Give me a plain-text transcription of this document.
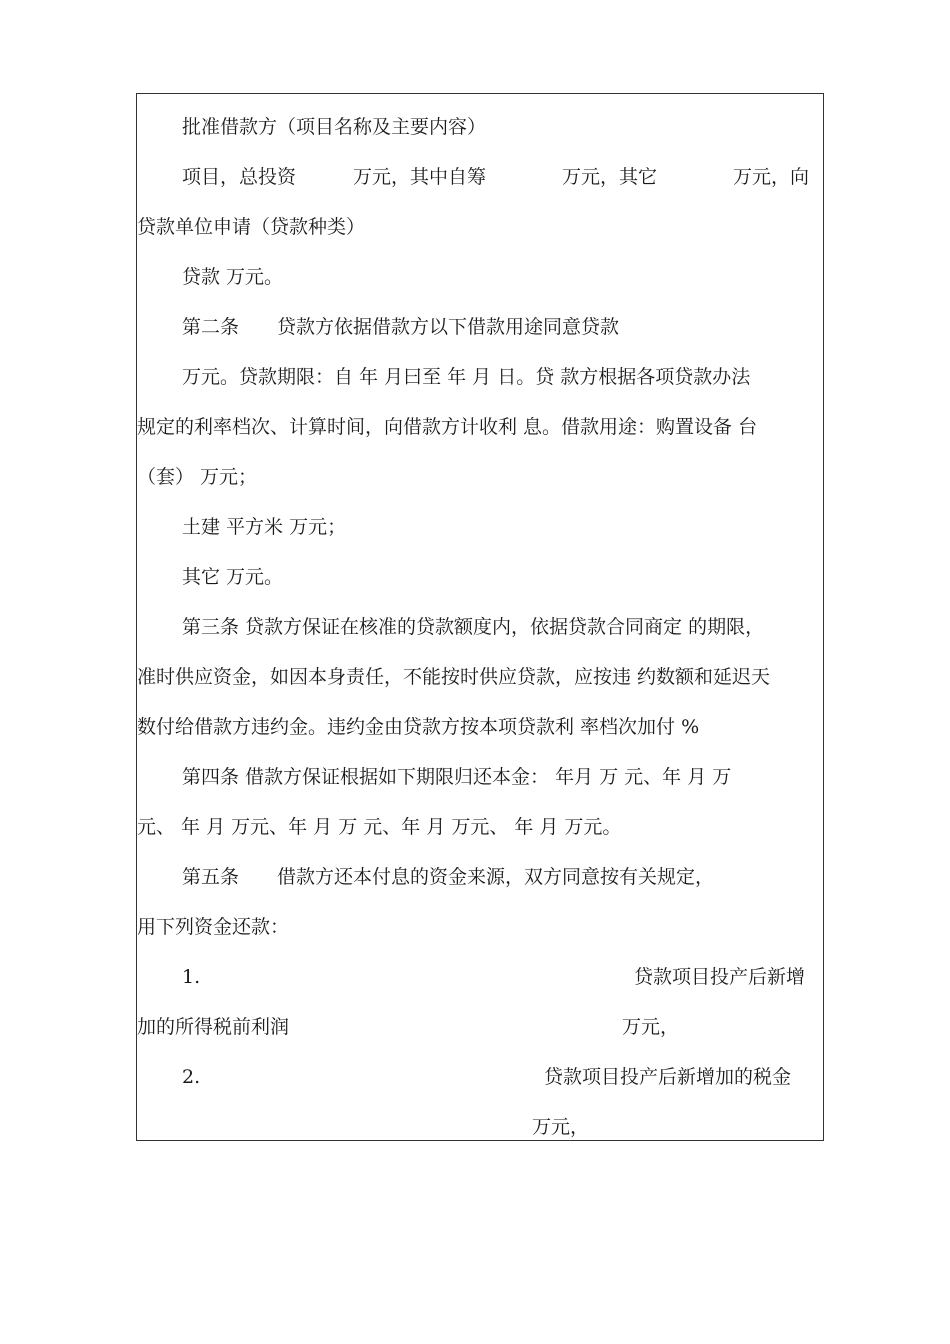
批准借款方（项目名称及主要内容）
项目，总投资　　　万元，其中自筹　　　　万元，其它　　　　万元，向
贷款单位申请（贷款种类）
贷款 万元。
第二条　　贷款方依据借款方以下借款用途同意贷款
万元。贷款期限：自 年 月曰至 年 月 日。贷 款方根据各项贷款办法
规定的利率档次、计算时间，向借款方计收利 息。借款用途：购置设备 台
（套） 万元；
土建 平方米 万元；
其它 万元。
第三条 贷款方保证在核准的贷款额度内，依据贷款合同商定 的期限，
准时供应资金，如因本身责任，不能按时供应贷款，应按违 约数额和延迟天
数付给借款方违约金。违约金由贷款方按本项贷款利 率档次加付 %
第四条 借款方保证根据如下期限归还本金： 年月 万 元、年 月 万
元、 年 月 万元、年 月 万 元、年 月 万元、 年 月 万元。
第五条　　借款方还本付息的资金来源，双方同意按有关规定，
用下列资金还款：
1.	贷款项目投产后新增
加的所得税前利润	万元，
2.	贷款项目投产后新增加的税金
万元，
